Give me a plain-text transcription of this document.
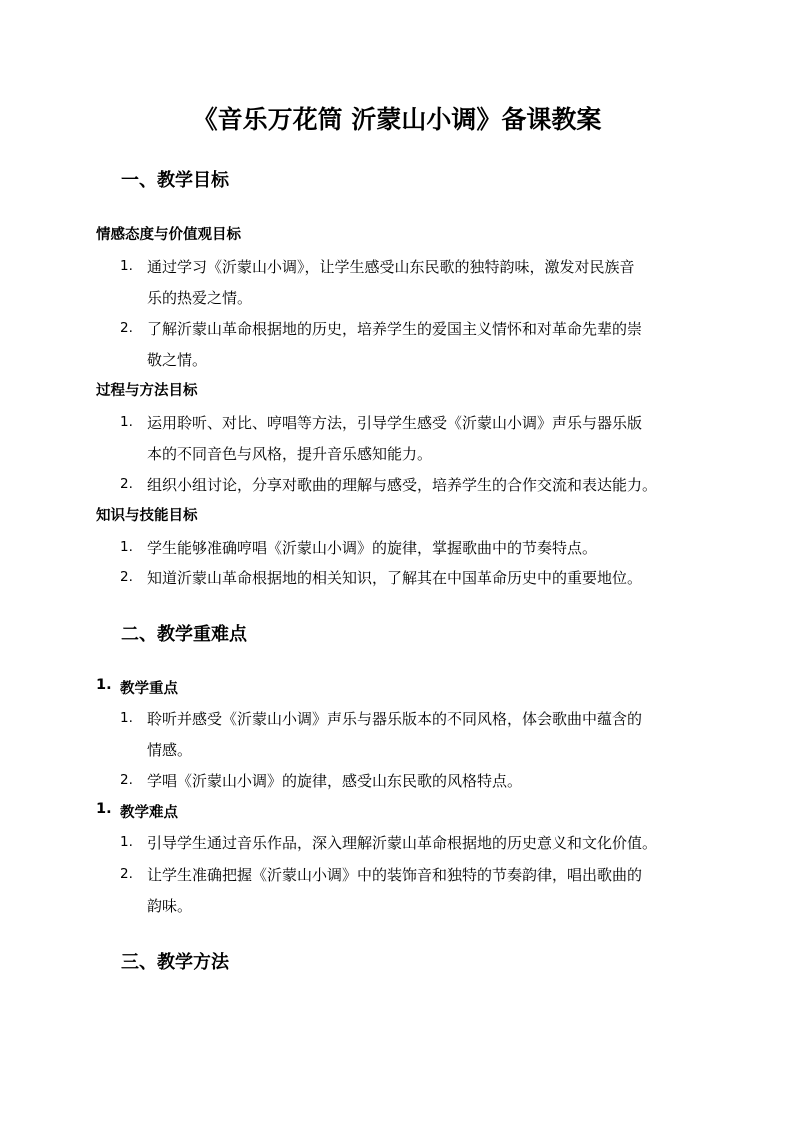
《音乐万花筒 沂蒙山小调》备课教案
一、教学目标
情感态度与价值观目标
1. 通过学习《沂蒙山小调》，让学生感受山东民歌的独特韵味，激发对民族音
乐的热爱之情。
2. 了解沂蒙山革命根据地的历史，培养学生的爱国主义情怀和对革命先辈的崇
敬之情。
过程与方法目标
1. 运用聆听、对比、哼唱等方法，引导学生感受《沂蒙山小调》声乐与器乐版
本的不同音色与风格，提升音乐感知能力。
2. 组织小组讨论，分享对歌曲的理解与感受，培养学生的合作交流和表达能力。
知识与技能目标
1. 学生能够准确哼唱《沂蒙山小调》的旋律，掌握歌曲中的节奏特点。
2. 知道沂蒙山革命根据地的相关知识，了解其在中国革命历史中的重要地位。
二、教学重难点
1. 教学重点
1. 聆听并感受《沂蒙山小调》声乐与器乐版本的不同风格，体会歌曲中蕴含的
情感。
2. 学唱《沂蒙山小调》的旋律，感受山东民歌的风格特点。
1. 教学难点
1. 引导学生通过音乐作品，深入理解沂蒙山革命根据地的历史意义和文化价值。
2. 让学生准确把握《沂蒙山小调》中的装饰音和独特的节奏韵律，唱出歌曲的
韵味。
三、教学方法
